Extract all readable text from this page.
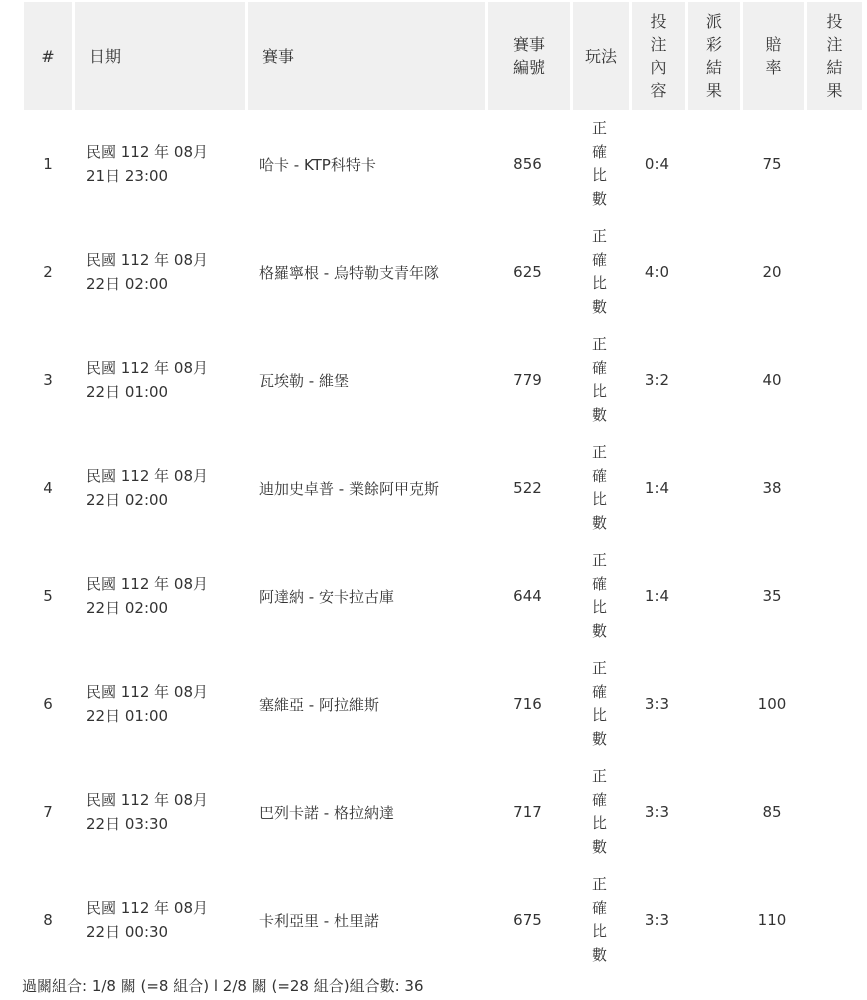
#	日期	賽事	賽事
編號	玩法	投
注
內
容	派
彩
結
果	賠
率	投
注
結
果

1	民國 112 年 08月
21日 23:00	哈卡 - KTP科特卡	856	正
確
比
數	0:4		75	
2	民國 112 年 08月
22日 02:00	格羅寧根 - 烏特勒支青年隊	625	正
確
比
數	4:0		20	
3	民國 112 年 08月
22日 01:00	瓦埃勒 - 維堡	779	正
確
比
數	3:2		40	
4	民國 112 年 08月
22日 02:00	迪加史卓普 - 業餘阿甲克斯	522	正
確
比
數	1:4		38	
5	民國 112 年 08月
22日 02:00	阿達納 - 安卡拉古庫	644	正
確
比
數	1:4		35	
6	民國 112 年 08月
22日 01:00	塞維亞 - 阿拉維斯	716	正
確
比
數	3:3		100	
7	民國 112 年 08月
22日 03:30	巴列卡諾 - 格拉納達	717	正
確
比
數	3:3		85	
8	民國 112 年 08月
22日 00:30	卡利亞里 - 杜里諾	675	正
確
比
數	3:3		110	
過關組合: 1/8 關 (=8 組合) l 2/8 關 (=28 組合)組合數: 36
